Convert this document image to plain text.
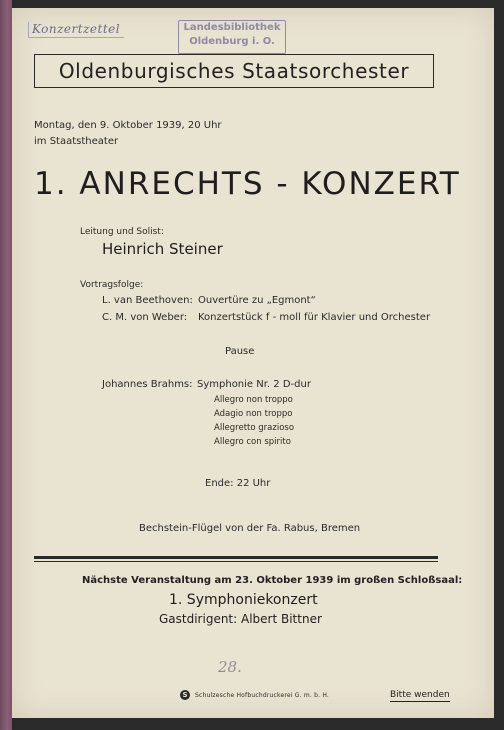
Konzertzettel	Landesbibliothek
Oldenburg i. O.
Oldenburgisches Staatsorchester
Montag, den 9. Oktober 1939, 20 Uhr
im Staatstheater
1. ANRECHTS - KONZERT
Leitung und Solist:
Heinrich Steiner
Vortragsfolge:
L. van Beethoven: Ouvertüre zu „Egmont“
C. M. von Weber: Konzertstück f - moll für Klavier und Orchester
Pause
Johannes Brahms: Symphonie Nr. 2 D-dur
Allegro non troppo
Adagio non troppo
Allegretto grazioso
Allegro con spirito
Ende: 22 Uhr
Bechstein-Flügel von der Fa. Rabus, Bremen
Nächste Veranstaltung am 23. Oktober 1939 im großen Schloßsaal:
1. Symphoniekonzert
Gastdirigent: Albert Bittner
28.
S	Schulzesche Hofbuchdruckerei G. m. b. H.	Bitte wenden
